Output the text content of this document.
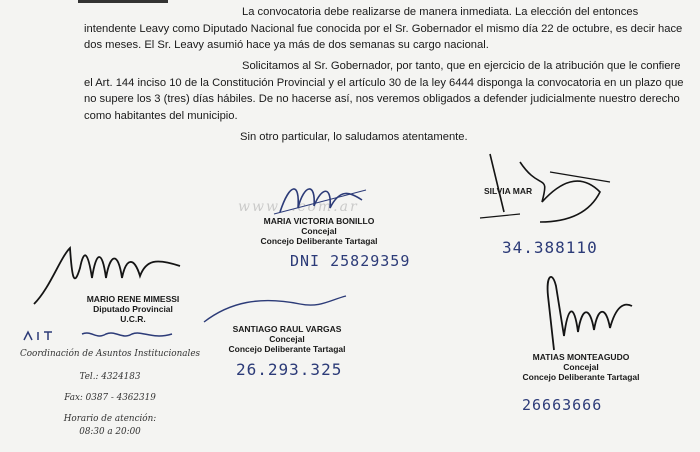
La convocatoria debe realizarse de manera inmediata. La elección del entonces intendente Leavy como Diputado Nacional fue conocida por el Sr. Gobernador el mismo día 22 de octubre, es decir hace dos meses. El Sr. Leavy asumió hace ya más de dos semanas su cargo nacional.

Solicitamos al Sr. Gobernador, por tanto, que en ejercicio de la atribución que le confiere el Art. 144 inciso 10 de la Constitución Provincial y el artículo 30 de la ley 6444 disponga la convocatoria en un plazo que no supere los 3 (tres) días hábiles. De no hacerse así, nos veremos obligados a defender judicialmente nuestro derecho como habitantes del municipio.

Sin otro particular, lo saludamos atentamente.

www. .com.ar
MARIA VICTORIA BONILLO
Concejal
Concejo Deliberante Tartagal
DNI 25829359
SILVIA MAR
34.388110
MARIO RENE MIMESSI
Diputado Provincial
U.C.R.
SANTIAGO RAUL VARGAS
Concejal
Concejo Deliberante Tartagal
26.293.325
MATIAS MONTEAGUDO
Concejal
Concejo Deliberante Tartagal
26663666
Coordinación de Asuntos Institucionales
Tel.: 4324183
Fax: 0387 - 4362319
Horario de atención:
08:30 a 20:00
